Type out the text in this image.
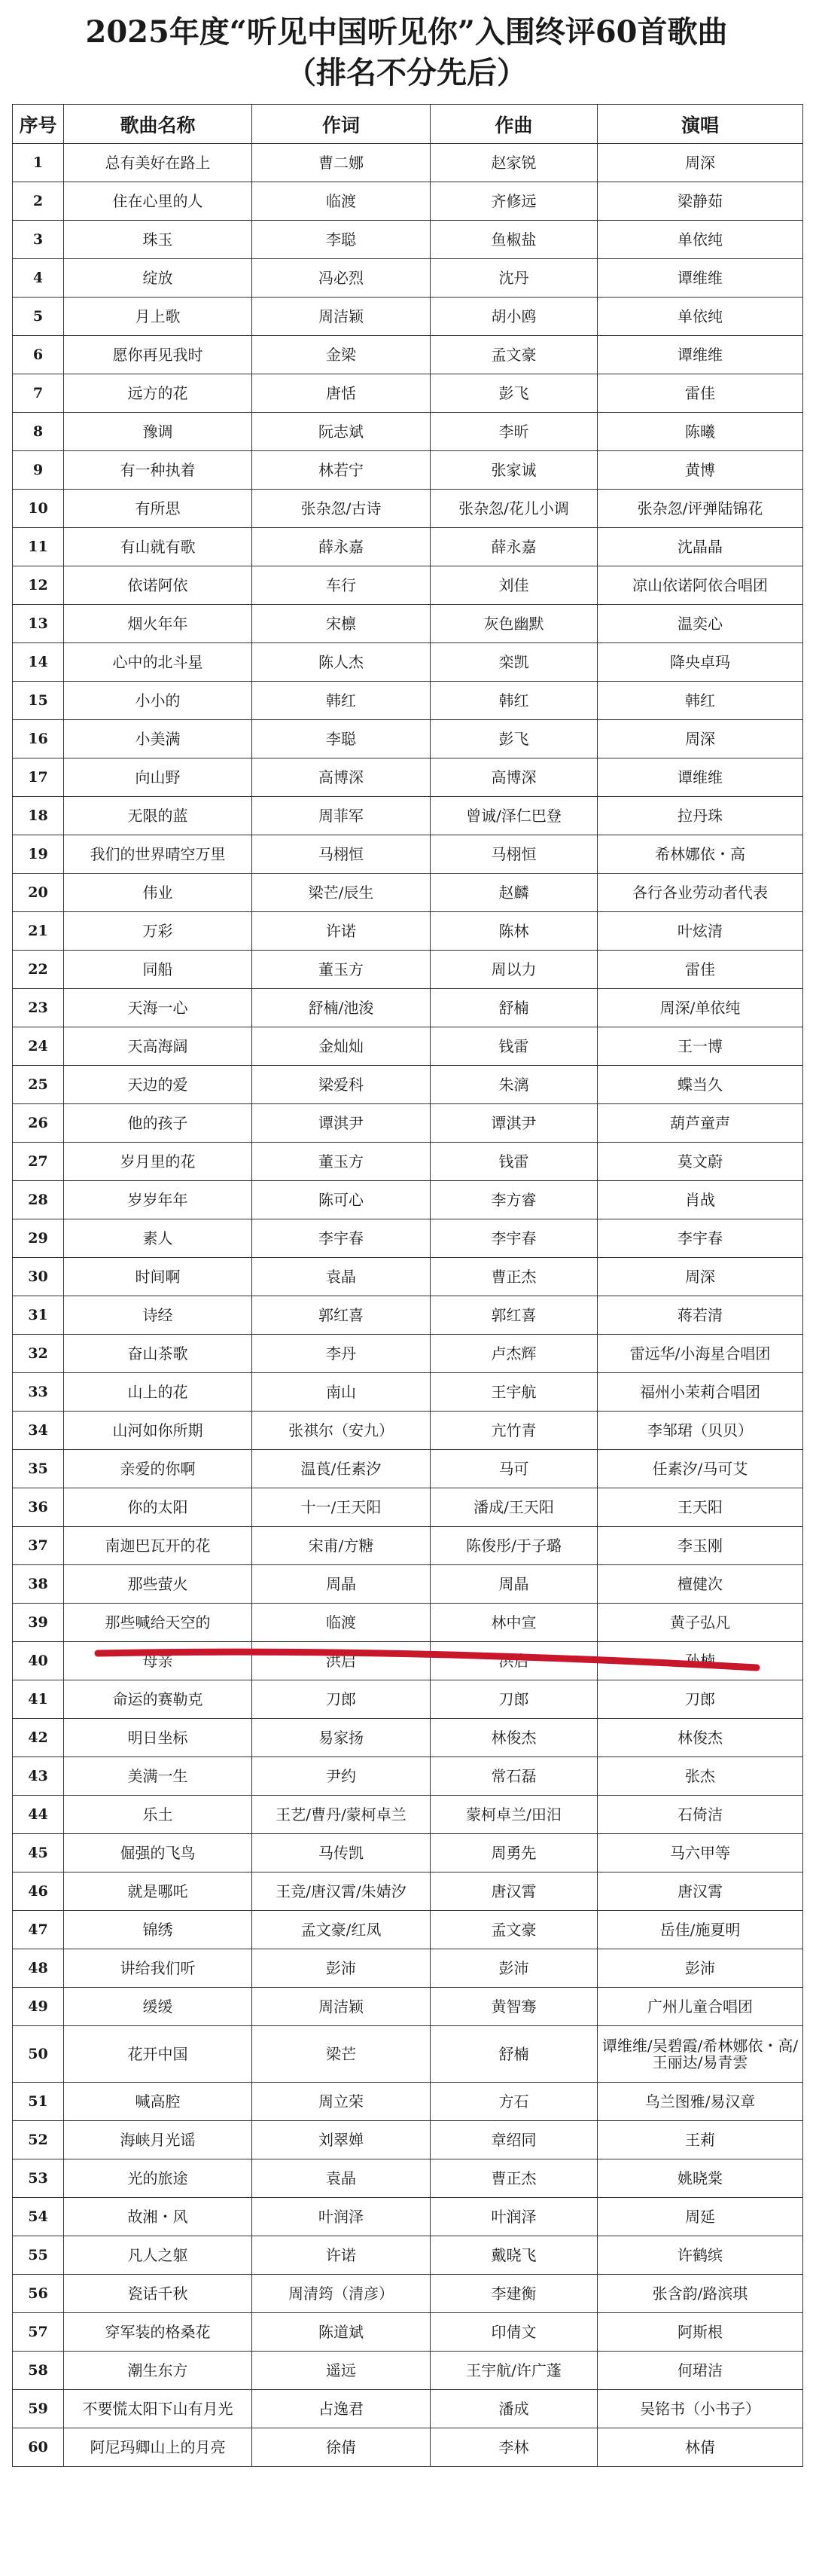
2025年度“听见中国听见你”入围终评60首歌曲
（排名不分先后）
序号	歌曲名称	作词	作曲	演唱
1	总有美好在路上	曹二娜	赵家锐	周深
2	住在心里的人	临渡	齐修远	梁静茹
3	珠玉	李聪	鱼椒盐	单依纯
4	绽放	冯必烈	沈丹	谭维维
5	月上歌	周洁颖	胡小鸥	单依纯
6	愿你再见我时	金梁	孟文豪	谭维维
7	远方的花	唐恬	彭飞	雷佳
8	豫调	阮志斌	李昕	陈曦
9	有一种执着	林若宁	张家诚	黄博
10	有所思	张杂忽/古诗	张杂忽/花儿小调	张杂忽/评弹陆锦花
11	有山就有歌	薛永嘉	薛永嘉	沈晶晶
12	依诺阿依	车行	刘佳	凉山依诺阿依合唱团
13	烟火年年	宋檩	灰色幽默	温奕心
14	心中的北斗星	陈人杰	栾凯	降央卓玛
15	小小的	韩红	韩红	韩红
16	小美满	李聪	彭飞	周深
17	向山野	高博深	高博深	谭维维
18	无限的蓝	周菲军	曾诚/泽仁巴登	拉丹珠
19	我们的世界晴空万里	马栩恒	马栩恒	希林娜依・高
20	伟业	梁芒/辰生	赵麟	各行各业劳动者代表
21	万彩	许诺	陈林	叶炫清
22	同船	董玉方	周以力	雷佳
23	天海一心	舒楠/池浚	舒楠	周深/单依纯
24	天高海阔	金灿灿	钱雷	王一博
25	天边的爱	梁爱科	朱漓	蝶当久
26	他的孩子	谭淇尹	谭淇尹	葫芦童声
27	岁月里的花	董玉方	钱雷	莫文蔚
28	岁岁年年	陈可心	李方睿	肖战
29	素人	李宇春	李宇春	李宇春
30	时间啊	袁晶	曹正杰	周深
31	诗经	郭红喜	郭红喜	蒋若清
32	奋山茶歌	李丹	卢杰辉	雷远华/小海星合唱团
33	山上的花	南山	王宇航	福州小茉莉合唱团
34	山河如你所期	张祺尔（安九）	亢竹青	李邹珺（贝贝）
35	亲爱的你啊	温莨/任素汐	马可	任素汐/马可艾
36	你的太阳	十一/王天阳	潘成/王天阳	王天阳
37	南迦巴瓦开的花	宋甫/方糖	陈俊彤/于子璐	李玉刚
38	那些萤火	周晶	周晶	檀健次
39	那些喊给天空的	临渡	林中宣	黄子弘凡
40	母亲	洪启	洪启	孙楠
41	命运的赛勒克	刀郎	刀郎	刀郎
42	明日坐标	易家扬	林俊杰	林俊杰
43	美满一生	尹约	常石磊	张杰
44	乐土	王艺/曹丹/蒙柯卓兰	蒙柯卓兰/田汨	石倚洁
45	倔强的飞鸟	马传凯	周勇先	马六甲等
46	就是哪吒	王竞/唐汉霄/朱婧汐	唐汉霄	唐汉霄
47	锦绣	孟文豪/红凤	孟文豪	岳佳/施夏明
48	讲给我们听	彭沛	彭沛	彭沛
49	缓缓	周洁颖	黄智骞	广州儿童合唱团
50	花开中国	梁芒	舒楠	谭维维/吴碧霞/希林娜依・高/王丽达/易青雲
51	喊高腔	周立荣	方石	乌兰图雅/易汉章
52	海峡月光谣	刘翠婵	章绍同	王莉
53	光的旅途	袁晶	曹正杰	姚晓棠
54	故湘・风	叶润泽	叶润泽	周延
55	凡人之躯	许诺	戴晓飞	许鹤缤
56	瓷话千秋	周清筠（清彦）	李建衡	张含韵/路滨琪
57	穿军装的格桑花	陈道斌	印倩文	阿斯根
58	潮生东方	遥远	王宇航/许广蓬	何珺洁
59	不要慌太阳下山有月光	占逸君	潘成	吴铭书（小书子）
60	阿尼玛卿山上的月亮	徐倩	李林	林倩
